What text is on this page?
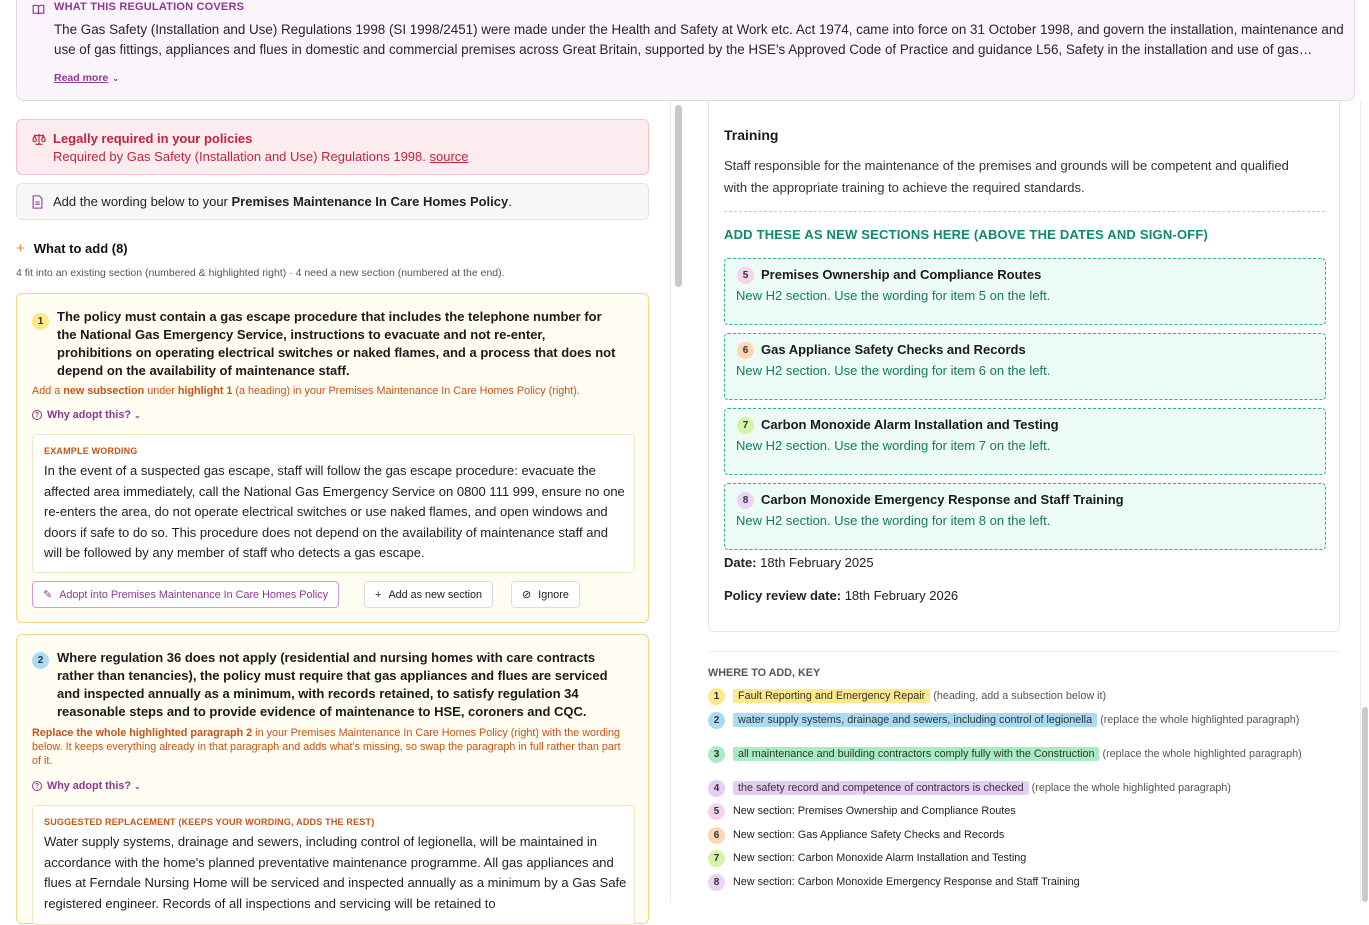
WHAT THIS REGULATION COVERS
The Gas Safety (Installation and Use) Regulations 1998 (SI 1998/2451) were made under the Health and Safety at Work etc. Act 1974, came into force on 31 October 1998, and govern the installation, maintenance and use of gas fittings, appliances and flues in domestic and commercial premises across Great Britain, supported by the HSE's Approved Code of Practice and guidance L56, Safety in the installation and use of gas…
Read more ⌄
Legally required in your policies
Required by Gas Safety (Installation and Use) Regulations 1998. source
Add the wording below to your Premises Maintenance In Care Homes Policy.
+ What to add (8)
4 fit into an existing section (numbered & highlighted right) · 4 need a new section (numbered at the end).
1	The policy must contain a gas escape procedure that includes the telephone number for the National Gas Emergency Service, instructions to evacuate and not re-enter, prohibitions on operating electrical switches or naked flames, and a process that does not depend on the availability of maintenance staff.
Add a new subsection under highlight 1 (a heading) in your Premises Maintenance In Care Homes Policy (right).
? Why adopt this? ⌄
EXAMPLE WORDING
In the event of a suspected gas escape, staff will follow the gas escape procedure: evacuate the affected area immediately, call the National Gas Emergency Service on 0800 111 999, ensure no one re-enters the area, do not operate electrical switches or use naked flames, and open windows and doors if safe to do so. This procedure does not depend on the availability of maintenance staff and will be followed by any member of staff who detects a gas escape.
✎ Adopt into Premises Maintenance In Care Homes Policy	+ Add as new section	⊘ Ignore
2	Where regulation 36 does not apply (residential and nursing homes with care contracts rather than tenancies), the policy must require that gas appliances and flues are serviced and inspected annually as a minimum, with records retained, to satisfy regulation 34 reasonable steps and to provide evidence of maintenance to HSE, coroners and CQC.
Replace the whole highlighted paragraph 2 in your Premises Maintenance In Care Homes Policy (right) with the wording below. It keeps everything already in that paragraph and adds what's missing, so swap the paragraph in full rather than part of it.
? Why adopt this? ⌄
SUGGESTED REPLACEMENT (KEEPS YOUR WORDING, ADDS THE REST)
Water supply systems, drainage and sewers, including control of legionella, will be maintained in accordance with the home's planned preventative maintenance programme. All gas appliances and flues at Ferndale Nursing Home will be serviced and inspected annually as a minimum by a Gas Safe registered engineer. Records of all inspections and servicing will be retained to
Training
Staff responsible for the maintenance of the premises and grounds will be competent and qualified with the appropriate training to achieve the required standards.
ADD THESE AS NEW SECTIONS HERE (ABOVE THE DATES AND SIGN-OFF)
5 Premises Ownership and Compliance Routes
New H2 section. Use the wording for item 5 on the left.
6 Gas Appliance Safety Checks and Records
New H2 section. Use the wording for item 6 on the left.
7 Carbon Monoxide Alarm Installation and Testing
New H2 section. Use the wording for item 7 on the left.
8 Carbon Monoxide Emergency Response and Staff Training
New H2 section. Use the wording for item 8 on the left.
Date: 18th February 2025
Policy review date: 18th February 2026
WHERE TO ADD, KEY
1	Fault Reporting and Emergency Repair (heading, add a subsection below it)
2	water supply systems, drainage and sewers, including control of legionella (replace the whole highlighted paragraph)
3	all maintenance and building contractors comply fully with the Construction (replace the whole highlighted paragraph)
4	the safety record and competence of contractors is checked (replace the whole highlighted paragraph)
5	New section: Premises Ownership and Compliance Routes
6	New section: Gas Appliance Safety Checks and Records
7	New section: Carbon Monoxide Alarm Installation and Testing
8	New section: Carbon Monoxide Emergency Response and Staff Training
